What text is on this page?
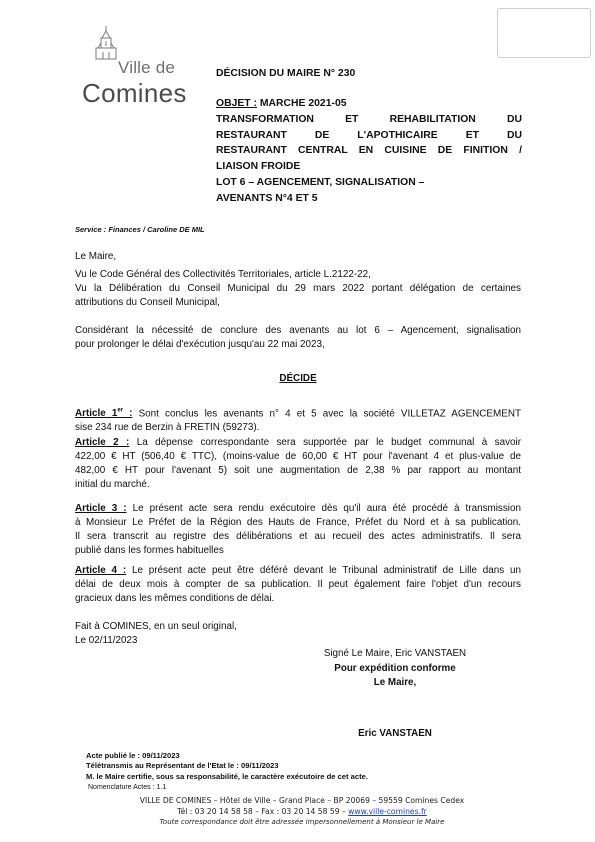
Ville de
Comines
DÉCISION DU MAIRE N° 230
OBJET : MARCHE 2021-05
TRANSFORMATION ET REHABILITATION DU
RESTAURANT DE L'APOTHICAIRE ET DU
RESTAURANT CENTRAL EN CUISINE DE FINITION /
LIAISON FROIDE
LOT 6 – AGENCEMENT, SIGNALISATION –
AVENANTS N°4 ET 5
Service : Finances / Caroline DE MIL
Le Maire,
Vu le Code Général des Collectivités Territoriales, article L.2122-22,
Vu la Délibération du Conseil Municipal du 29 mars 2022 portant délégation de certaines
attributions du Conseil Municipal,
Considérant la nécessité de conclure des avenants au lot 6 – Agencement, signalisation
pour prolonger le délai d'exécution jusqu'au 22 mai 2023,
DÉCIDE
Article 1er : Sont conclus les avenants n° 4 et 5 avec la société VILLETAZ AGENCEMENT
sise 234 rue de Berzin à FRETIN (59273).
Article 2 : La dépense correspondante sera supportée par le budget communal à savoir
422,00 € HT (506,40 € TTC), (moins-value de 60,00 € HT pour l'avenant 4 et plus-value de
482,00 € HT pour l'avenant 5) soit une augmentation de 2,38 % par rapport au montant
initial du marché.
Article 3 : Le présent acte sera rendu exécutoire dès qu'il aura été procédé à transmission
à Monsieur Le Préfet de la Région des Hauts de France, Préfet du Nord et à sa publication.
Il sera transcrit au registre des délibérations et au recueil des actes administratifs. Il sera
publié dans les formes habituelles
Article 4 : Le présent acte peut être déféré devant le Tribunal administratif de Lille dans un
délai de deux mois à compter de sa publication. Il peut également faire l'objet d'un recours
gracieux dans les mêmes conditions de délai.
Fait à COMINES, en un seul original,
Le 02/11/2023
Signé Le Maire, Eric VANSTAEN
Pour expédition conforme
Le Maire,
Eric VANSTAEN
Acte publié le : 09/11/2023
Télétransmis au Représentant de l'Etat le : 09/11/2023
M. le Maire certifie, sous sa responsabilité, le caractère exécutoire de cet acte.
Nomenclature Actes : 1.1
VILLE DE COMINES – Hôtel de Ville – Grand Place – BP 20069 – 59559 Comines Cedex
Tél : 03 20 14 58 58 – Fax : 03 20 14 58 59 – www.ville-comines.fr
Toute correspondance doit être adressée impersonnellement à Monsieur le Maire
